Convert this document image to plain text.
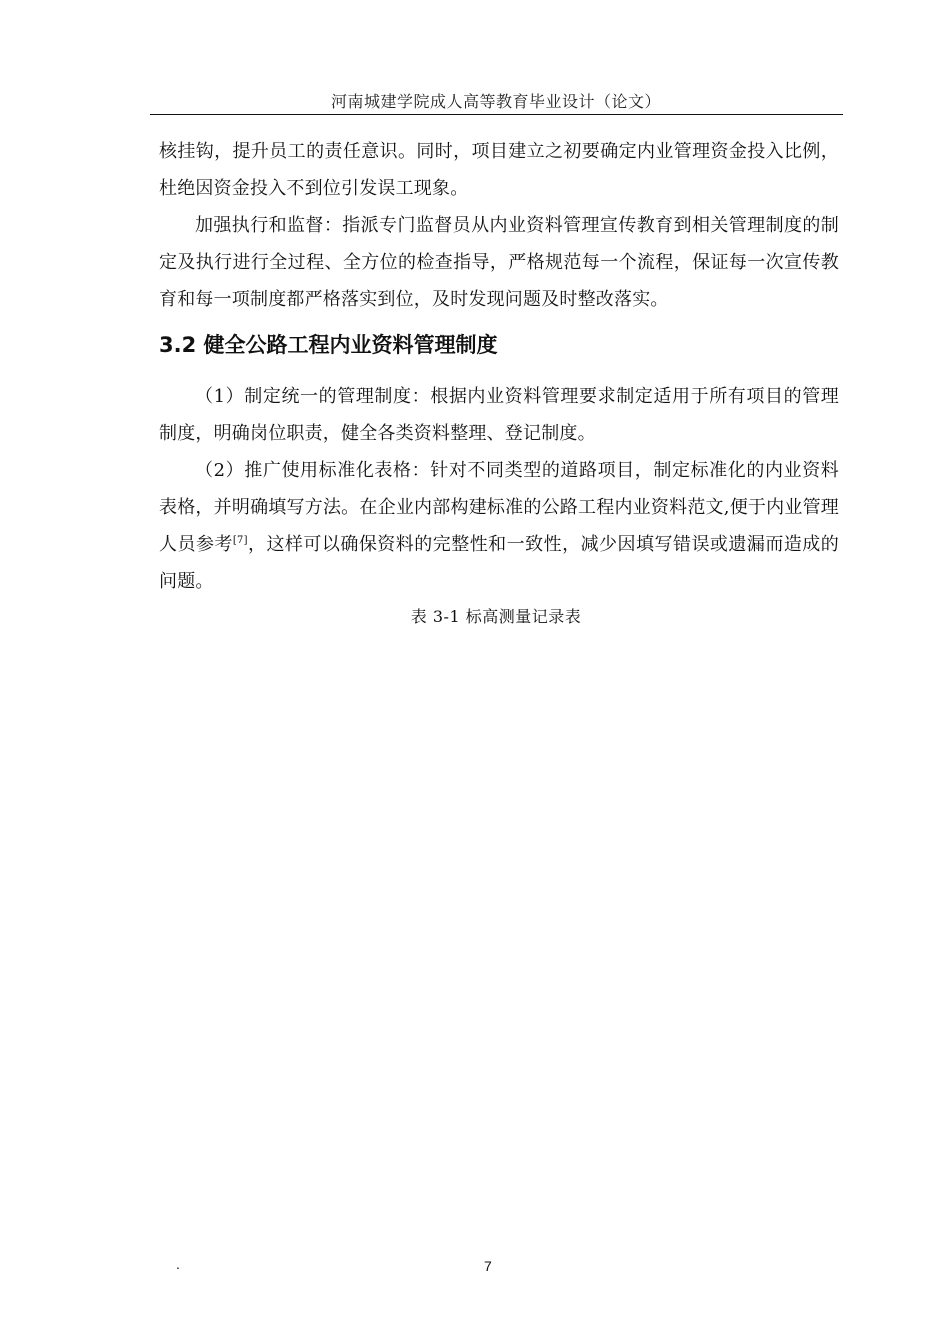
河南城建学院成人高等教育毕业设计（论文）

核挂钩，提升员工的责任意识。同时，项目建立之初要确定内业管理资金投入比例，杜绝因资金投入不到位引发误工现象。

加强执行和监督：指派专门监督员从内业资料管理宣传教育到相关管理制度的制定及执行进行全过程、全方位的检查指导，严格规范每一个流程，保证每一次宣传教育和每一项制度都严格落实到位，及时发现问题及时整改落实。

3.2 健全公路工程内业资料管理制度

（1）制定统一的管理制度：根据内业资料管理要求制定适用于所有项目的管理制度，明确岗位职责，健全各类资料整理、登记制度。

（2）推广使用标准化表格：针对不同类型的道路项目，制定标准化的内业资料表格，并明确填写方法。在企业内部构建标准的公路工程内业资料范文,便于内业管理人员参考[7]，这样可以确保资料的完整性和一致性，减少因填写错误或遗漏而造成的问题。

表 3-1 标高测量记录表
.	7
